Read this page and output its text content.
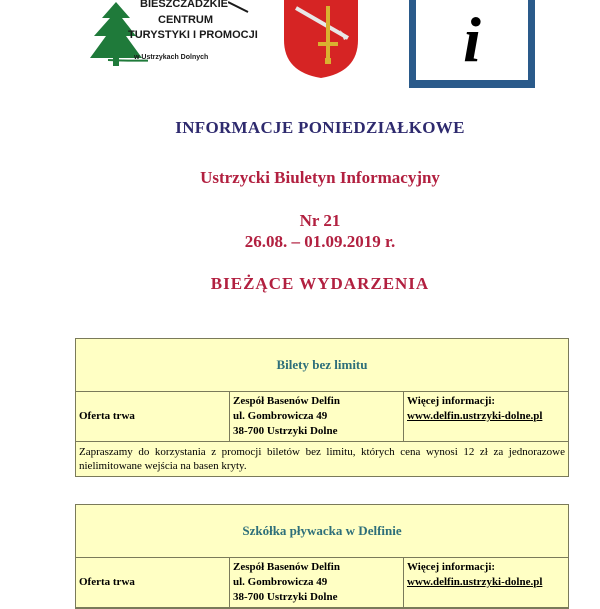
BIESZCZADZKIE
CENTRUM
TURYSTYKI I PROMOCJI
w Ustrzykach Dolnych	i
INFORMACJE PONIEDZIAŁKOWE
Ustrzycki Biuletyn Informacyjny
Nr 21
26.08. – 01.09.2019 r.
BIEŻĄCE WYDARZENIA
Bilety bez limitu
Oferta trwa
Zespół Basenów Delfin
ul. Gombrowicza 49
38-700 Ustrzyki Dolne
Więcej informacji:
www.delfin.ustrzyki-dolne.pl
Zapraszamy do korzystania z promocji biletów bez limitu, których cena wynosi 12 zł za jednorazowe nielimitowane wejścia na basen kryty.
Szkółka pływacka w Delfinie
Oferta trwa
Zespół Basenów Delfin
ul. Gombrowicza 49
38-700 Ustrzyki Dolne
Więcej informacji:
www.delfin.ustrzyki-dolne.pl
